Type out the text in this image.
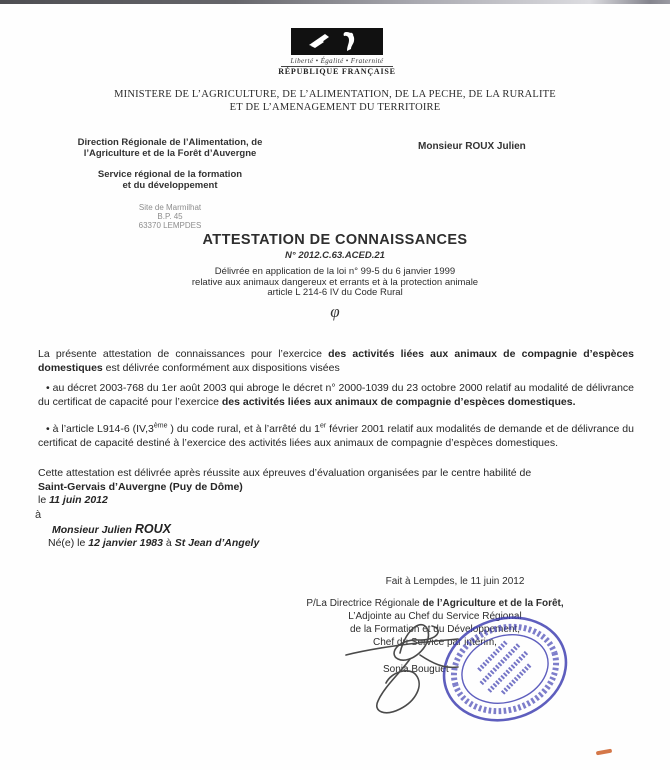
Liberté • Égalité • Fraternité
RÉPUBLIQUE FRANÇAISE
MINISTERE DE L’AGRICULTURE, DE L’ALIMENTATION, DE LA PECHE, DE LA RURALITE
ET DE L’AMENAGEMENT DU TERRITOIRE
Direction Régionale de l’Alimentation, de l’Agriculture et de la Forêt d’Auvergne
Service régional de la formation et du développement
Site de Marmilhat
B.P. 45
63370 LEMPDES
Monsieur ROUX Julien
ATTESTATION DE CONNAISSANCES
N° 2012.C.63.ACED.21
Délivrée en application de la loi n° 99-5 du 6 janvier 1999
relative aux animaux dangereux et errants et à la protection animale
article L 214-6 IV du Code Rural
φ
La présente attestation de connaissances pour l’exercice des activités liées aux animaux de compagnie d’espèces domestiques est délivrée conformément aux dispositions visées
• au décret 2003-768 du 1er août 2003 qui abroge le décret n° 2000-1039 du 23 octobre 2000 relatif au modalité de délivrance du certificat de capacité pour l’exercice des activités liées aux animaux de compagnie d’espèces domestiques.
• à l’article L914-6 (IV,3ème ) du code rural, et à l’arrêté du 1er février 2001 relatif aux modalités de demande et de délivrance du certificat de capacité destiné à l’exercice des activités liées aux animaux de compagnie d’espèces domestiques.
Cette attestation est délivrée après réussite aux épreuves d’évaluation organisées par le centre habilité de
Saint-Gervais d’Auvergne (Puy de Dôme)
le 11 juin 2012
à
Monsieur Julien ROUX
Né(e) le 12 janvier 1983 à St Jean d’Angely
Fait à Lempdes, le 11 juin 2012
P/La Directrice Régionale de l’Agriculture et de la Forêt,
L’Adjointe au Chef du Service Régional
de la Formation et du Développement,
Chef du Service par intérim,
Sonia Bouguet
